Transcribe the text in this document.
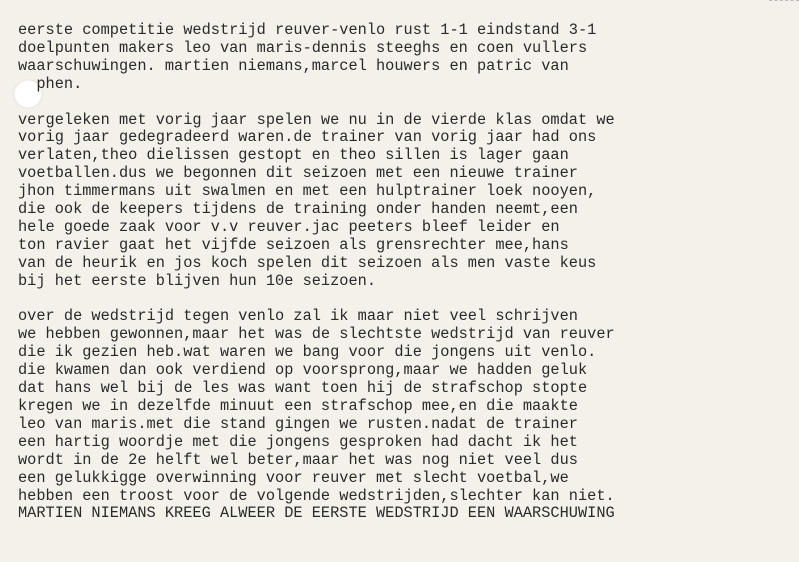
eerste competitie wedstrijd reuver-venlo rust 1-1 eindstand 3-1
doelpunten makers leo van maris-dennis steeghs en coen vullers
waarschuwingen. martien niemans,marcel houwers en patric van
phen.
vergeleken met vorig jaar spelen we nu in de vierde klas omdat we
vorig jaar gedegradeerd waren.de trainer van vorig jaar had ons
verlaten,theo dielissen gestopt en theo sillen is lager gaan
voetballen.dus we begonnen dit seizoen met een nieuwe trainer
jhon timmermans uit swalmen en met een hulptrainer loek nooyen,
die ook de keepers tijdens de training onder handen neemt,een
hele goede zaak voor v.v reuver.jac peeters bleef leider en
ton ravier gaat het vijfde seizoen als grensrechter mee,hans
van de heurik en jos koch spelen dit seizoen als men vaste keus
bij het eerste blijven hun 10e seizoen.
over de wedstrijd tegen venlo zal ik maar niet veel schrijven
we hebben gewonnen,maar het was de slechtste wedstrijd van reuver
die ik gezien heb.wat waren we bang voor die jongens uit venlo.
die kwamen dan ook verdiend op voorsprong,maar we hadden geluk
dat hans wel bij de les was want toen hij de strafschop stopte
kregen we in dezelfde minuut een strafschop mee,en die maakte
leo van maris.met die stand gingen we rusten.nadat de trainer
een hartig woordje met die jongens gesproken had dacht ik het
wordt in de 2e helft wel beter,maar het was nog niet veel dus
een gelukkigge overwinning voor reuver met slecht voetbal,we
hebben een troost voor de volgende wedstrijden,slechter kan niet.
MARTIEN NIEMANS KREEG ALWEER DE EERSTE WEDSTRIJD EEN WAARSCHUWING
